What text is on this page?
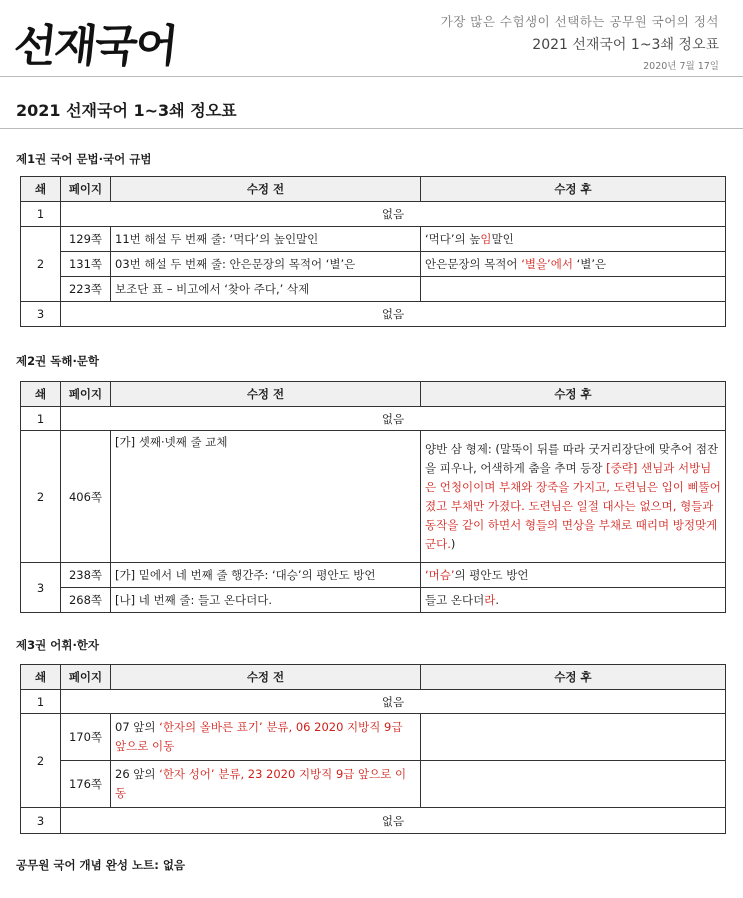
선재국어	가장 많은 수험생이 선택하는 공무원 국어의 정석
2021 선재국어 1~3쇄 정오표
2020년 7월 17일
2021 선재국어 1~3쇄 정오표
제1권 국어 문법·국어 규범
쇄	페이지	수정 전	수정 후
1	없음		
2	129쪽	11번 해설 두 번째 줄: ‘먹다’의 높인말인	‘먹다’의 높임말인
	131쪽	03번 해설 두 번째 줄: 안은문장의 목적어 ‘별’은	안은문장의 목적어 ‘별을’에서 ‘별’은
	223쪽	보조단 표 – 비고에서 ‘찾아 주다,’ 삭제	
3	없음		
제2권 독해·문학
쇄	페이지	수정 전	수정 후
1	없음		
2	406쪽	[가] 셋째·넷째 줄 교체	양반 삼 형제: (말뚝이 뒤를 따라 굿거리장단에 맞추어 점잔을 피우나, 어색하게 춤을 추며 등장 [중략] 샌님과 서방님은 언청이이며 부채와 장죽을 가지고, 도련님은 입이 삐뚤어졌고 부채만 가졌다. 도련님은 일절 대사는 없으며, 형들과 동작을 같이 하면서 형들의 면상을 부채로 때리며 방정맞게 군다.)
3	238쪽	[가] 밑에서 네 번째 줄 행간주: ‘대승’의 평안도 방언	‘머슴’의 평안도 방언
	268쪽	[나] 네 번째 줄: 들고 온다더다.	들고 온다더라.
제3권 어휘·한자
쇄	페이지	수정 전	수정 후
1	없음		
2	170쪽	07 앞의 ‘한자의 올바른 표기’ 분류, 06 2020 지방직 9급 앞으로 이동	
	176쪽	26 앞의 ‘한자 성어’ 분류, 23 2020 지방직 9급 앞으로 이동	
3	없음		
공무원 국어 개념 완성 노트: 없음
